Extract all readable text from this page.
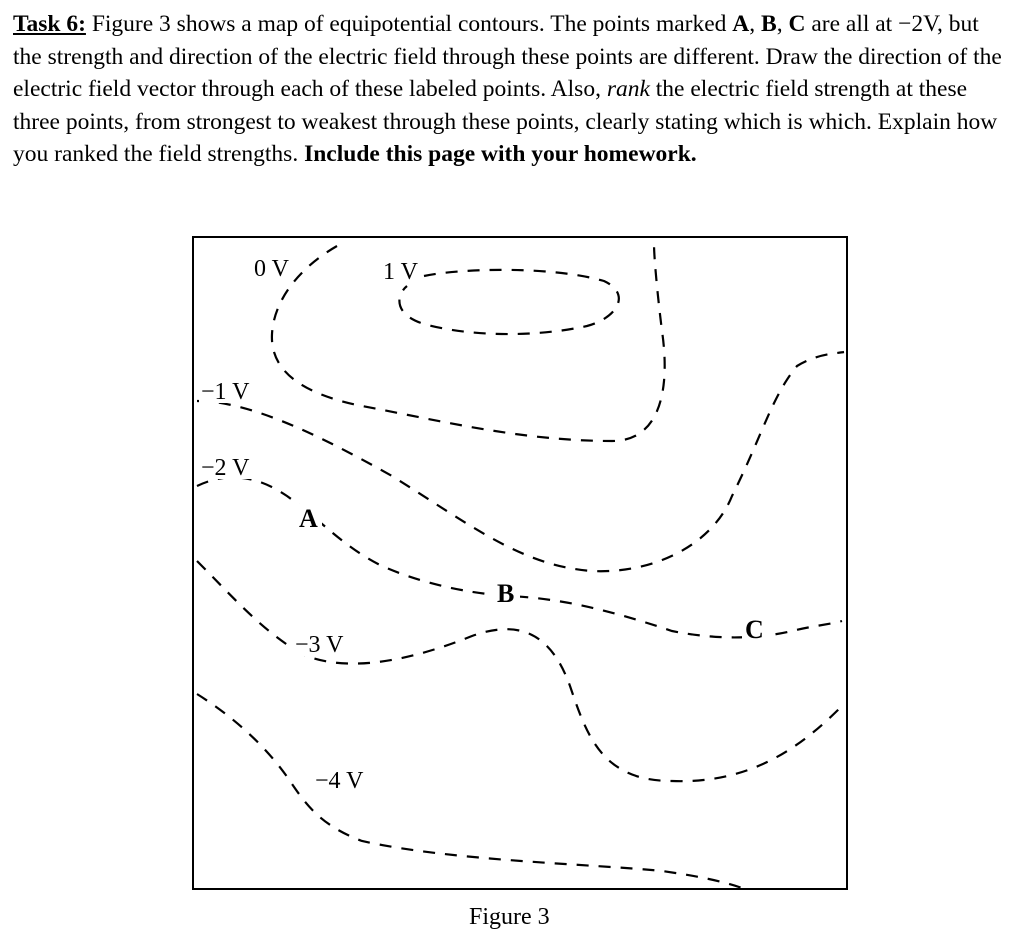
Task 6: Figure 3 shows a map of equipotential contours. The points marked A, B, C are all at −2V, but the strength and direction of the electric field through these points are different. Draw the direction of the electric field vector through each of these labeled points. Also, rank the electric field strength at these three points, from strongest to weakest through these points, clearly stating which is which. Explain how you ranked the field strengths. Include this page with your homework.

0 V	1 V
−1 V
−2 V
−3 V
−4 V
A
B
C

Figure 3
